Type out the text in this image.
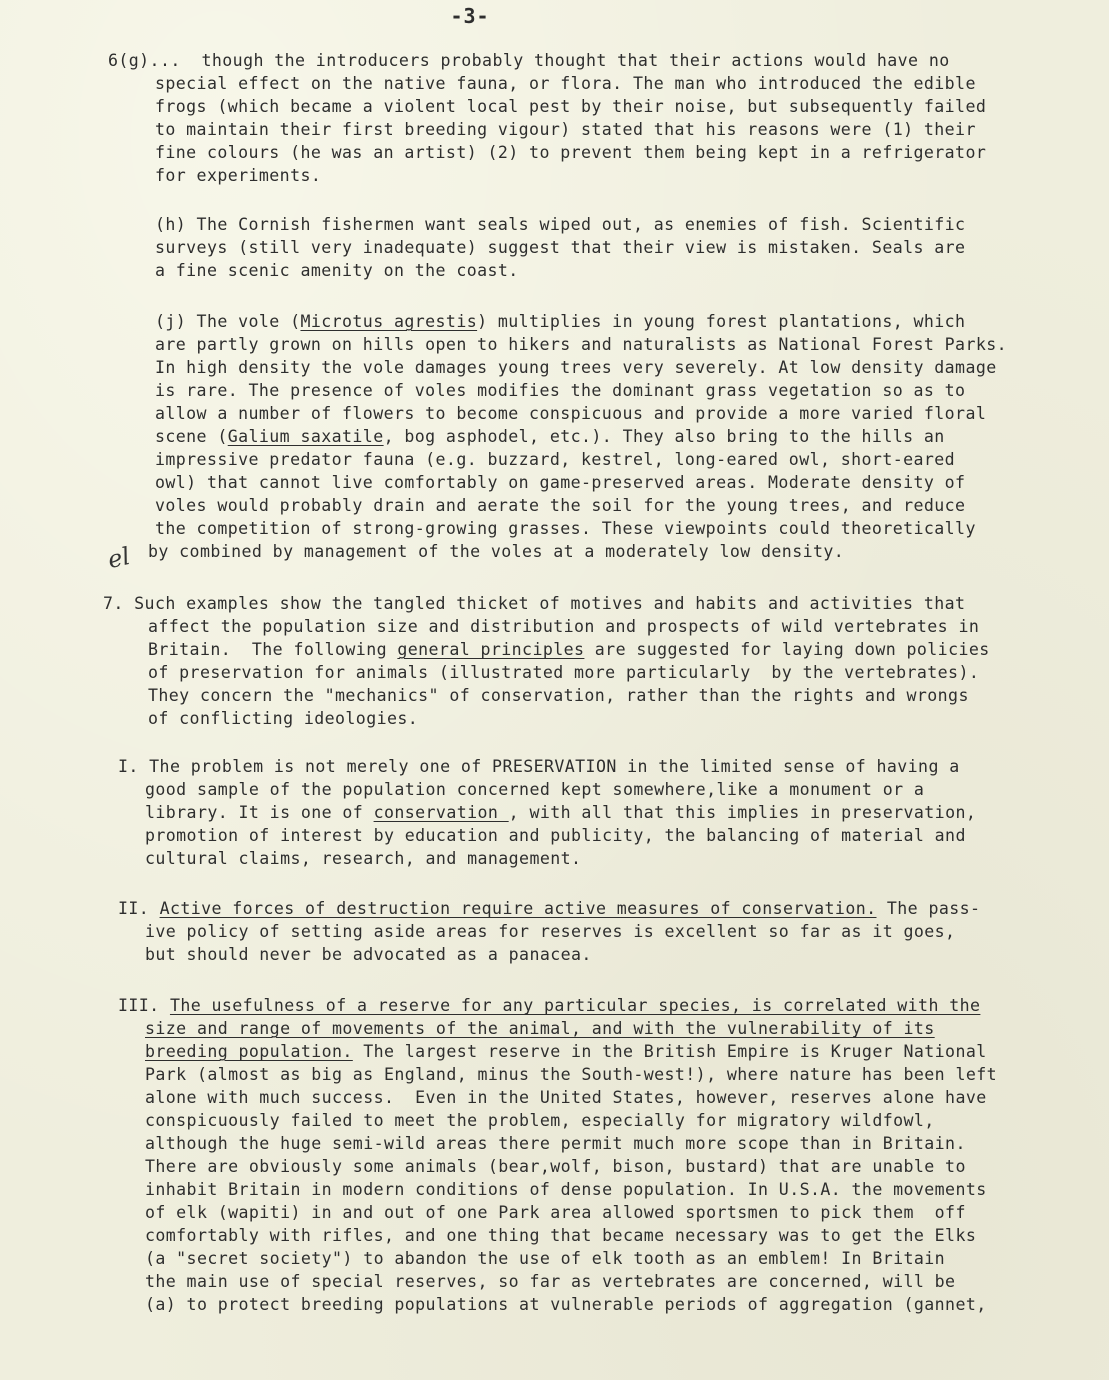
-3-
el
6(g)...  though the introducers probably thought that their actions would have no
special effect on the native fauna, or flora. The man who introduced the edible
frogs (which became a violent local pest by their noise, but subsequently failed
to maintain their first breeding vigour) stated that his reasons were (1) their
fine colours (he was an artist) (2) to prevent them being kept in a refrigerator
for experiments.
(h) The Cornish fishermen want seals wiped out, as enemies of fish. Scientific
surveys (still very inadequate) suggest that their view is mistaken. Seals are
a fine scenic amenity on the coast.
(j) The vole (Microtus agrestis) multiplies in young forest plantations, which
are partly grown on hills open to hikers and naturalists as National Forest Parks.
In high density the vole damages young trees very severely. At low density damage
is rare. The presence of voles modifies the dominant grass vegetation so as to
allow a number of flowers to become conspicuous and provide a more varied floral
scene (Galium saxatile, bog asphodel, etc.). They also bring to the hills an
impressive predator fauna (e.g. buzzard, kestrel, long-eared owl, short-eared
owl) that cannot live comfortably on game-preserved areas. Moderate density of
voles would probably drain and aerate the soil for the young trees, and reduce
the competition of strong-growing grasses. These viewpoints could theoretically
by combined by management of the voles at a moderately low density.
7. Such examples show the tangled thicket of motives and habits and activities that
affect the population size and distribution and prospects of wild vertebrates in
Britain.  The following general principles are suggested for laying down policies
of preservation for animals (illustrated more particularly  by the vertebrates).
They concern the "mechanics" of conservation, rather than the rights and wrongs
of conflicting ideologies.
I. The problem is not merely one of PRESERVATION in the limited sense of having a
good sample of the population concerned kept somewhere,like a monument or a
library. It is one of conservation , with all that this implies in preservation,
promotion of interest by education and publicity, the balancing of material and
cultural claims, research, and management.
II. Active forces of destruction require active measures of conservation. The pass-
ive policy of setting aside areas for reserves is excellent so far as it goes,
but should never be advocated as a panacea.
III. The usefulness of a reserve for any particular species, is correlated with the
size and range of movements of the animal, and with the vulnerability of its
breeding population. The largest reserve in the British Empire is Kruger National
Park (almost as big as England, minus the South-west!), where nature has been left
alone with much success.  Even in the United States, however, reserves alone have
conspicuously failed to meet the problem, especially for migratory wildfowl,
although the huge semi-wild areas there permit much more scope than in Britain.
There are obviously some animals (bear,wolf, bison, bustard) that are unable to
inhabit Britain in modern conditions of dense population. In U.S.A. the movements
of elk (wapiti) in and out of one Park area allowed sportsmen to pick them  off
comfortably with rifles, and one thing that became necessary was to get the Elks
(a "secret society") to abandon the use of elk tooth as an emblem! In Britain
the main use of special reserves, so far as vertebrates are concerned, will be
(a) to protect breeding populations at vulnerable periods of aggregation (gannet,
